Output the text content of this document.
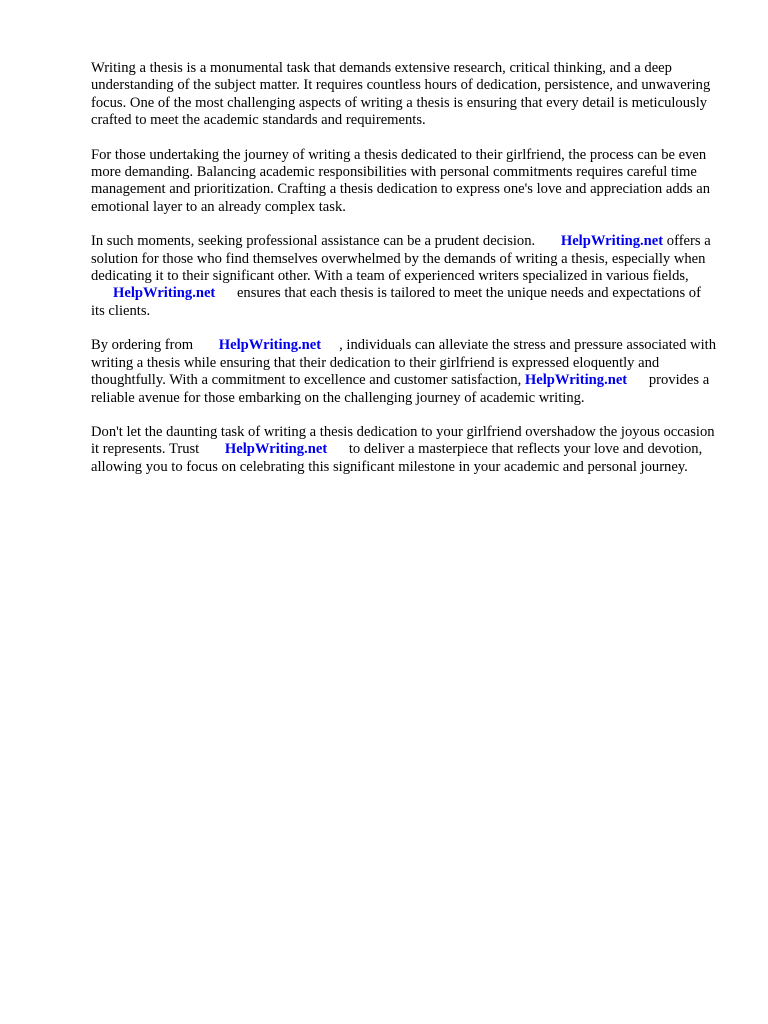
Writing a thesis is a monumental task that demands extensive research, critical thinking, and a deep understanding of the subject matter. It requires countless hours of dedication, persistence, and unwavering focus. One of the most challenging aspects of writing a thesis is ensuring that every detail is meticulously crafted to meet the academic standards and requirements.

For those undertaking the journey of writing a thesis dedicated to their girlfriend, the process can be even more demanding. Balancing academic responsibilities with personal commitments requires careful time management and prioritization. Crafting a thesis dedication to express one's love and appreciation adds an emotional layer to an already complex task.

In such moments, seeking professional assistance can be a prudent decision. HelpWriting.net offers a solution for those who find themselves overwhelmed by the demands of writing a thesis, especially when dedicating it to their significant other. With a team of experienced writers specialized in various fields, HelpWriting.net ensures that each thesis is tailored to meet the unique needs and expectations of its clients.

By ordering from HelpWriting.net , individuals can alleviate the stress and pressure associated with writing a thesis while ensuring that their dedication to their girlfriend is expressed eloquently and thoughtfully. With a commitment to excellence and customer satisfaction, HelpWriting.net provides a reliable avenue for those embarking on the challenging journey of academic writing.

Don't let the daunting task of writing a thesis dedication to your girlfriend overshadow the joyous occasion it represents. Trust HelpWriting.net to deliver a masterpiece that reflects your love and devotion, allowing you to focus on celebrating this significant milestone in your academic and personal journey.
